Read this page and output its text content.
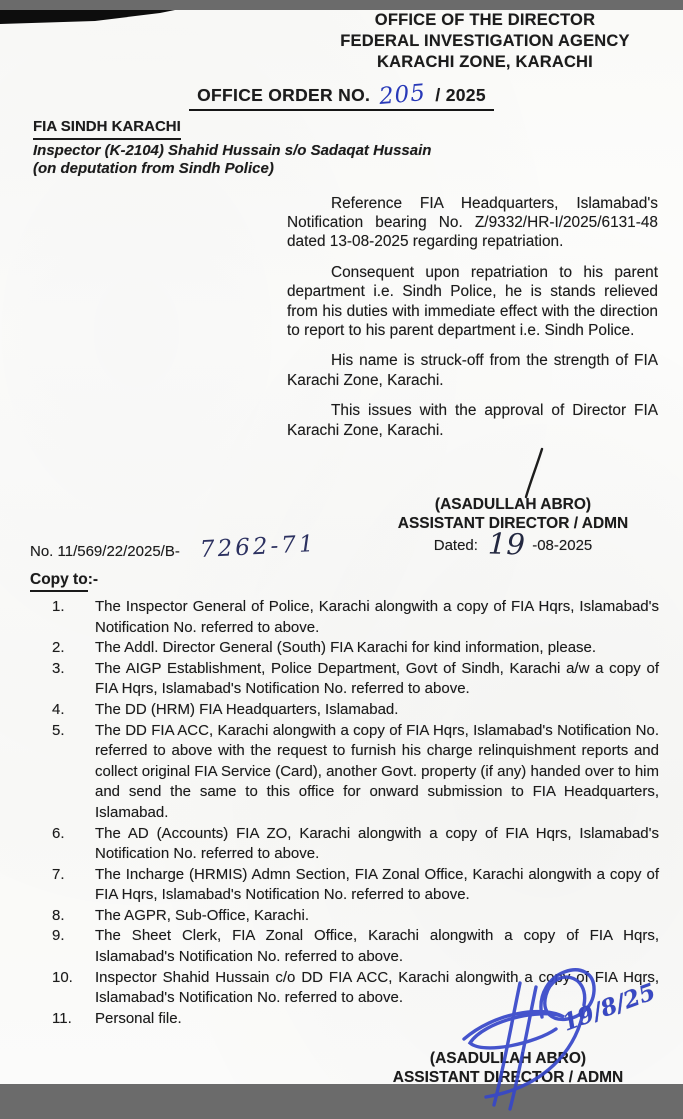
OFFICE OF THE DIRECTOR
FEDERAL INVESTIGATION AGENCY
KARACHI ZONE, KARACHI
OFFICE ORDER NO. 205 / 2025
FIA SINDH KARACHI
Inspector (K-2104) Shahid Hussain s/o Sadaqat Hussain
(on deputation from Sindh Police)

Reference FIA Headquarters, Islamabad's Notification bearing No. Z/9332/HR-I/2025/6131-48 dated 13-08-2025 regarding repatriation.

Consequent upon repatriation to his parent department i.e. Sindh Police, he is stands relieved from his duties with immediate effect with the direction to report to his parent department i.e. Sindh Police.

His name is struck-off from the strength of FIA Karachi Zone, Karachi.

This issues with the approval of Director FIA Karachi Zone, Karachi.

(ASADULLAH ABRO)
ASSISTANT DIRECTOR / ADMN
Dated: 19 -08-2025
No. 11/569/22/2025/B- 7262-71
Copy to:-
1.	The Inspector General of Police, Karachi alongwith a copy of FIA Hqrs, Islamabad's Notification No. referred to above.
2.	The Addl. Director General (South) FIA Karachi for kind information, please.
3.	The AIGP Establishment, Police Department, Govt of Sindh, Karachi a/w a copy of FIA Hqrs, Islamabad's Notification No. referred to above.
4.	The DD (HRM) FIA Headquarters, Islamabad.
5.	The DD FIA ACC, Karachi alongwith a copy of FIA Hqrs, Islamabad's Notification No. referred to above with the request to furnish his charge relinquishment reports and collect original FIA Service (Card), another Govt. property (if any) handed over to him and send the same to this office for onward submission to FIA Headquarters, Islamabad.
6.	The AD (Accounts) FIA ZO, Karachi alongwith a copy of FIA Hqrs, Islamabad's Notification No. referred to above.
7.	The Incharge (HRMIS) Admn Section, FIA Zonal Office, Karachi alongwith a copy of FIA Hqrs, Islamabad's Notification No. referred to above.
8.	The AGPR, Sub-Office, Karachi.
9.	The Sheet Clerk, FIA Zonal Office, Karachi alongwith a copy of FIA Hqrs, Islamabad's Notification No. referred to above.
10.	Inspector Shahid Hussain c/o DD FIA ACC, Karachi alongwith a copy of FIA Hqrs, Islamabad's Notification No. referred to above.
11.	Personal file.	19/8/25
(ASADULLAH ABRO)
ASSISTANT DIRECTOR / ADMN
